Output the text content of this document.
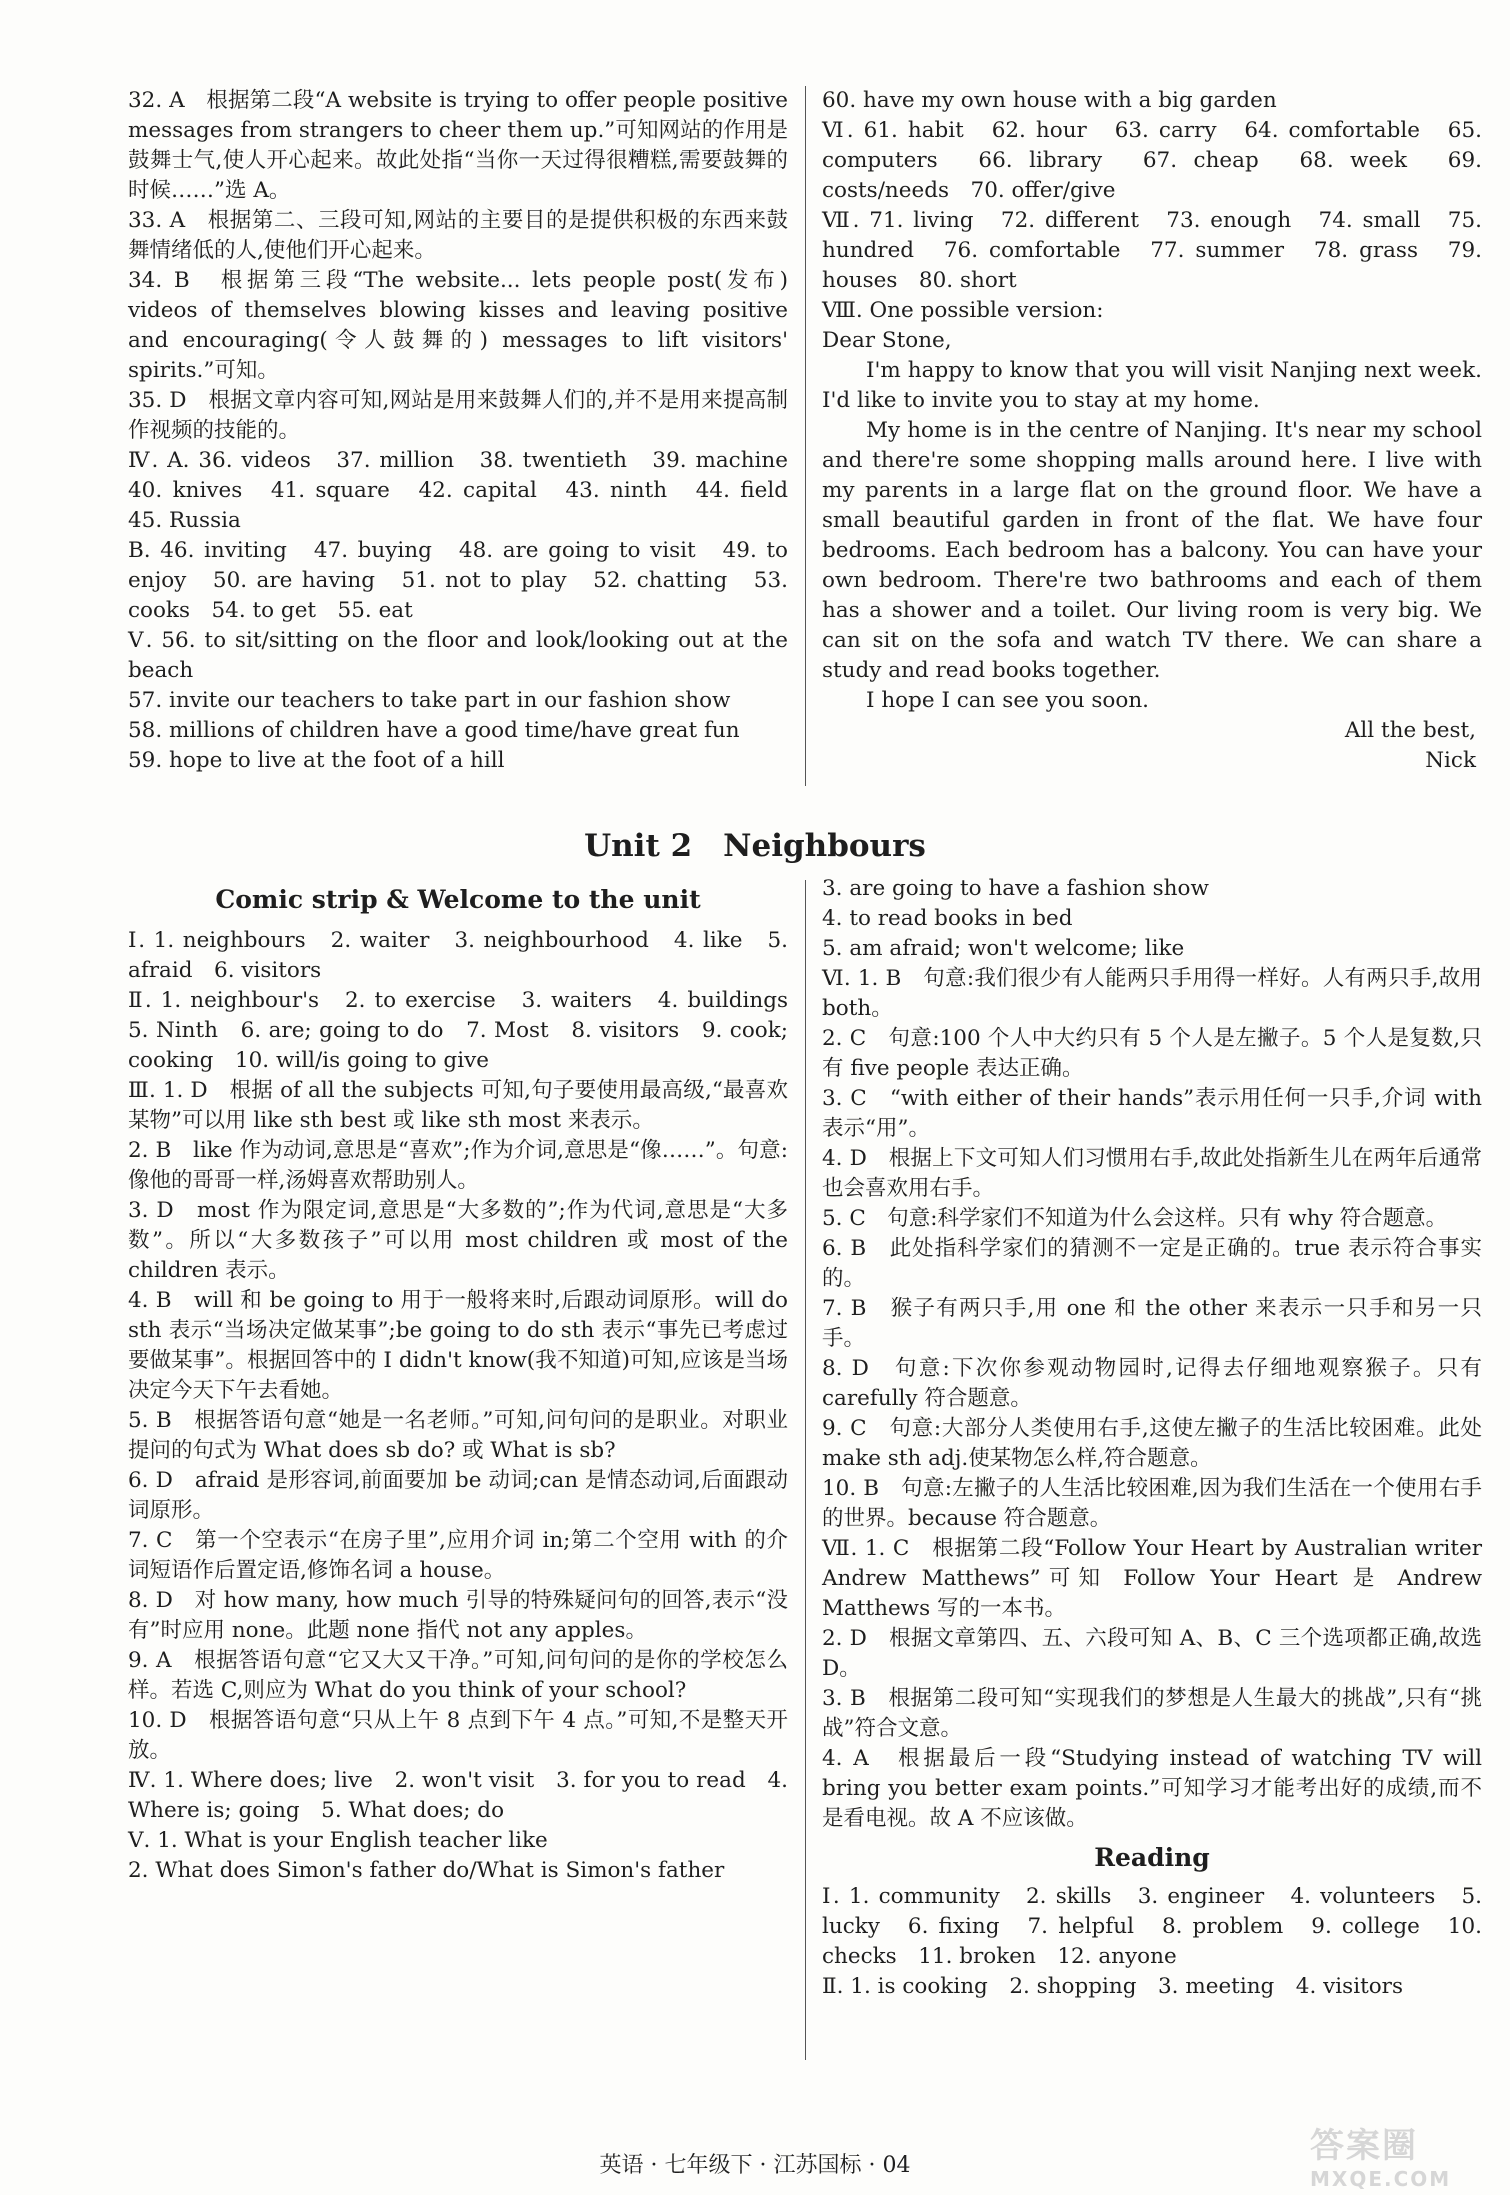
32. A　根据第二段“A website is trying to offer people positive messages from strangers to cheer them up.”可知网站的作用是鼓舞士气,使人开心起来。故此处指“当你一天过得很糟糕,需要鼓舞的时候……”选 A。
33. A　根据第二、三段可知,网站的主要目的是提供积极的东西来鼓舞情绪低的人,使他们开心起来。
34. B　根据第三段“The website... lets people post(发布) videos of themselves blowing kisses and leaving positive and encouraging(令人鼓舞的) messages to lift visitors' spirits.”可知。
35. D　根据文章内容可知,网站是用来鼓舞人们的,并不是用来提高制作视频的技能的。
Ⅳ. A. 36. videos　37. million　38. twentieth　39. machine　40. knives　41. square　42. capital　43. ninth　44. field　45. Russia
B. 46. inviting　47. buying　48. are going to visit　49. to enjoy　50. are having　51. not to play　52. chatting　53. cooks　54. to get　55. eat
Ⅴ. 56. to sit/sitting on the floor and look/looking out at the beach
57. invite our teachers to take part in our fashion show
58. millions of children have a good time/have great fun
59. hope to live at the foot of a hill
60. have my own house with a big garden
Ⅵ. 61. habit　62. hour　63. carry　64. comfortable　65. computers　66. library　67. cheap　68. week　69. costs/needs　70. offer/give
Ⅶ. 71. living　72. different　73. enough　74. small　75. hundred　76. comfortable　77. summer　78. grass　79. houses　80. short
Ⅷ. One possible version:
Dear Stone,
I'm happy to know that you will visit Nanjing next week. I'd like to invite you to stay at my home.
My home is in the centre of Nanjing. It's near my school and there're some shopping malls around here. I live with my parents in a large flat on the ground floor. We have a small beautiful garden in front of the flat. We have four bedrooms. Each bedroom has a balcony. You can have your own bedroom. There're two bathrooms and each of them has a shower and a toilet. Our living room is very big. We can sit on the sofa and watch TV there. We can share a study and read books together.
I hope I can see you soon.
All the best,
Nick
Unit 2　Neighbours
Comic strip & Welcome to the unit
Ⅰ. 1. neighbours　2. waiter　3. neighbourhood　4. like　5. afraid　6. visitors
Ⅱ. 1. neighbour's　2. to exercise　3. waiters　4. buildings　5. Ninth　6. are; going to do　7. Most　8. visitors　9. cook; cooking　10. will/is going to give
Ⅲ. 1. D　根据 of all the subjects 可知,句子要使用最高级,“最喜欢某物”可以用 like sth best 或 like sth most 来表示。
2. B　like 作为动词,意思是“喜欢”;作为介词,意思是“像……”。句意:像他的哥哥一样,汤姆喜欢帮助别人。
3. D　most 作为限定词,意思是“大多数的”;作为代词,意思是“大多数”。所以“大多数孩子”可以用 most children 或 most of the children 表示。
4. B　will 和 be going to 用于一般将来时,后跟动词原形。will do sth 表示“当场决定做某事”;be going to do sth 表示“事先已考虑过要做某事”。根据回答中的 I didn't know(我不知道)可知,应该是当场决定今天下午去看她。
5. B　根据答语句意“她是一名老师。”可知,问句问的是职业。对职业提问的句式为 What does sb do? 或 What is sb?
6. D　afraid 是形容词,前面要加 be 动词;can 是情态动词,后面跟动词原形。
7. C　第一个空表示“在房子里”,应用介词 in;第二个空用 with 的介词短语作后置定语,修饰名词 a house。
8. D　对 how many, how much 引导的特殊疑问句的回答,表示“没有”时应用 none。此题 none 指代 not any apples。
9. A　根据答语句意“它又大又干净。”可知,问句问的是你的学校怎么样。若选 C,则应为 What do you think of your school?
10. D　根据答语句意“只从上午 8 点到下午 4 点。”可知,不是整天开放。
Ⅳ. 1. Where does; live　2. won't visit　3. for you to read　4. Where is; going　5. What does; do
Ⅴ. 1. What is your English teacher like
2. What does Simon's father do/What is Simon's father
3. are going to have a fashion show
4. to read books in bed
5. am afraid; won't welcome; like
Ⅵ. 1. B　句意:我们很少有人能两只手用得一样好。人有两只手,故用 both。
2. C　句意:100 个人中大约只有 5 个人是左撇子。5 个人是复数,只有 five people 表达正确。
3. C　“with either of their hands”表示用任何一只手,介词 with 表示“用”。
4. D　根据上下文可知人们习惯用右手,故此处指新生儿在两年后通常也会喜欢用右手。
5. C　句意:科学家们不知道为什么会这样。只有 why 符合题意。
6. B　此处指科学家们的猜测不一定是正确的。true 表示符合事实的。
7. B　猴子有两只手,用 one 和 the other 来表示一只手和另一只手。
8. D　句意:下次你参观动物园时,记得去仔细地观察猴子。只有 carefully 符合题意。
9. C　句意:大部分人类使用右手,这使左撇子的生活比较困难。此处 make sth adj.使某物怎么样,符合题意。
10. B　句意:左撇子的人生活比较困难,因为我们生活在一个使用右手的世界。because 符合题意。
Ⅶ. 1. C　根据第二段“Follow Your Heart by Australian writer Andrew Matthews”可知 Follow Your Heart 是 Andrew Matthews 写的一本书。
2. D　根据文章第四、五、六段可知 A、B、C 三个选项都正确,故选 D。
3. B　根据第二段可知“实现我们的梦想是人生最大的挑战”,只有“挑战”符合文意。
4. A　根据最后一段“Studying instead of watching TV will bring you better exam points.”可知学习才能考出好的成绩,而不是看电视。故 A 不应该做。
Reading
Ⅰ. 1. community　2. skills　3. engineer　4. volunteers　5. lucky　6. fixing　7. helpful　8. problem　9. college　10. checks　11. broken　12. anyone
Ⅱ. 1. is cooking　2. shopping　3. meeting　4. visitors
英语 · 七年级下 · 江苏国标 · 04	答案圈
MXQE.COM
